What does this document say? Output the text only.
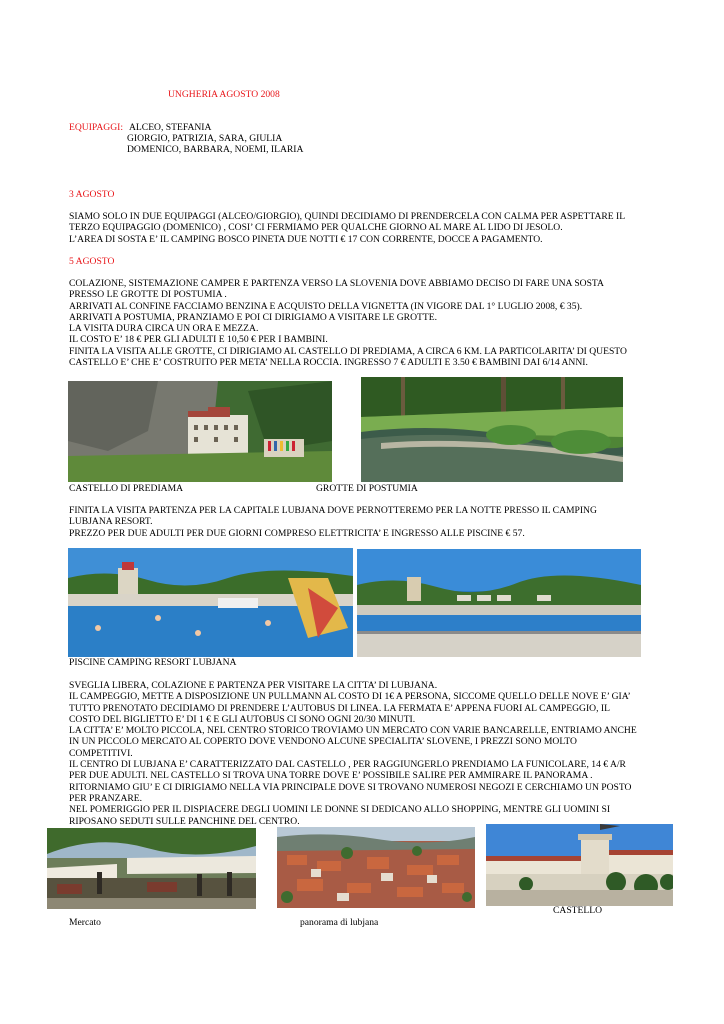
UNGHERIA AGOSTO 2008
EQUIPAGGI: ALCEO, STEFANIA
GIORGIO, PATRIZIA, SARA, GIULIA
DOMENICO, BARBARA, NOEMI, ILARIA
3 AGOSTO
SIAMO SOLO IN DUE EQUIPAGGI (ALCEO/GIORGIO), QUINDI DECIDIAMO DI PRENDERCELA CON CALMA PER ASPETTARE IL
TERZO EQUIPAGGIO (DOMENICO) , COSI’ CI FERMIAMO PER QUALCHE GIORNO AL MARE AL LIDO DI JESOLO.
L’AREA DI SOSTA E’ IL CAMPING BOSCO PINETA DUE NOTTI € 17 CON CORRENTE, DOCCE A PAGAMENTO.
5 AGOSTO
COLAZIONE, SISTEMAZIONE CAMPER E PARTENZA VERSO LA SLOVENIA DOVE ABBIAMO DECISO DI FARE UNA SOSTA
PRESSO LE GROTTE DI POSTUMIA .
ARRIVATI AL CONFINE FACCIAMO BENZINA E ACQUISTO DELLA VIGNETTA (IN VIGORE DAL 1° LUGLIO 2008, € 35).
ARRIVATI A POSTUMIA, PRANZIAMO E POI CI DIRIGIAMO A VISITARE LE GROTTE.
LA VISITA DURA CIRCA UN ORA E MEZZA.
IL COSTO E’ 18 € PER GLI ADULTI E 10,50 € PER I BAMBINI.
FINITA LA VISITA ALLE GROTTE, CI DIRIGIAMO AL CASTELLO DI PREDIAMA, A CIRCA 6 KM. LA PARTICOLARITA’ DI QUESTO
CASTELLO E’ CHE E’ COSTRUITO PER META’ NELLA ROCCIA. INGRESSO 7 € ADULTI E 3.50 € BAMBINI DAI 6/14 ANNI.
CASTELLO DI PREDIAMA	GROTTE DI POSTUMIA
FINITA LA VISITA PARTENZA PER LA CAPITALE LUBJANA DOVE PERNOTTEREMO PER LA NOTTE PRESSO IL CAMPING
LUBJANA RESORT.
PREZZO PER DUE ADULTI PER DUE GIORNI COMPRESO ELETTRICITA’ E INGRESSO ALLE PISCINE € 57.
PISCINE CAMPING RESORT LUBJANA
SVEGLIA LIBERA, COLAZIONE E PARTENZA PER VISITARE LA CITTA’ DI LUBJANA.
IL CAMPEGGIO, METTE A DISPOSIZIONE UN PULLMANN AL COSTO DI 1€ A PERSONA, SICCOME QUELLO DELLE NOVE E’ GIA’
TUTTO PRENOTATO DECIDIAMO DI PRENDERE L’AUTOBUS DI LINEA. LA FERMATA E’ APPENA FUORI AL CAMPEGGIO, IL
COSTO DEL BIGLIETTO E’ DI 1 € E GLI AUTOBUS CI SONO OGNI 20/30 MINUTI.
LA CITTA’ E’ MOLTO PICCOLA, NEL CENTRO STORICO TROVIAMO UN MERCATO CON VARIE BANCARELLE, ENTRIAMO ANCHE
IN UN PICCOLO MERCATO AL COPERTO DOVE VENDONO ALCUNE SPECIALITA’ SLOVENE, I PREZZI SONO MOLTO
COMPETITIVI.
IL CENTRO DI LUBJANA E’ CARATTERIZZATO DAL CASTELLO , PER RAGGIUNGERLO PRENDIAMO LA FUNICOLARE, 14 € A/R
PER DUE ADULTI. NEL CASTELLO SI TROVA UNA TORRE DOVE E’ POSSIBILE SALIRE PER AMMIRARE IL PANORAMA .
RITORNIAMO GIU’ E CI DIRIGIAMO NELLA VIA PRINCIPALE DOVE SI TROVANO NUMEROSI NEGOZI E CERCHIAMO UN POSTO
PER PRANZARE.
NEL POMERIGGIO PER IL DISPIACERE DEGLI UOMINI LE DONNE SI DEDICANO ALLO SHOPPING, MENTRE GLI UOMINI SI
RIPOSANO SEDUTI SULLE PANCHINE DEL CENTRO.
CASTELLO
Mercato	panorama di lubjana
